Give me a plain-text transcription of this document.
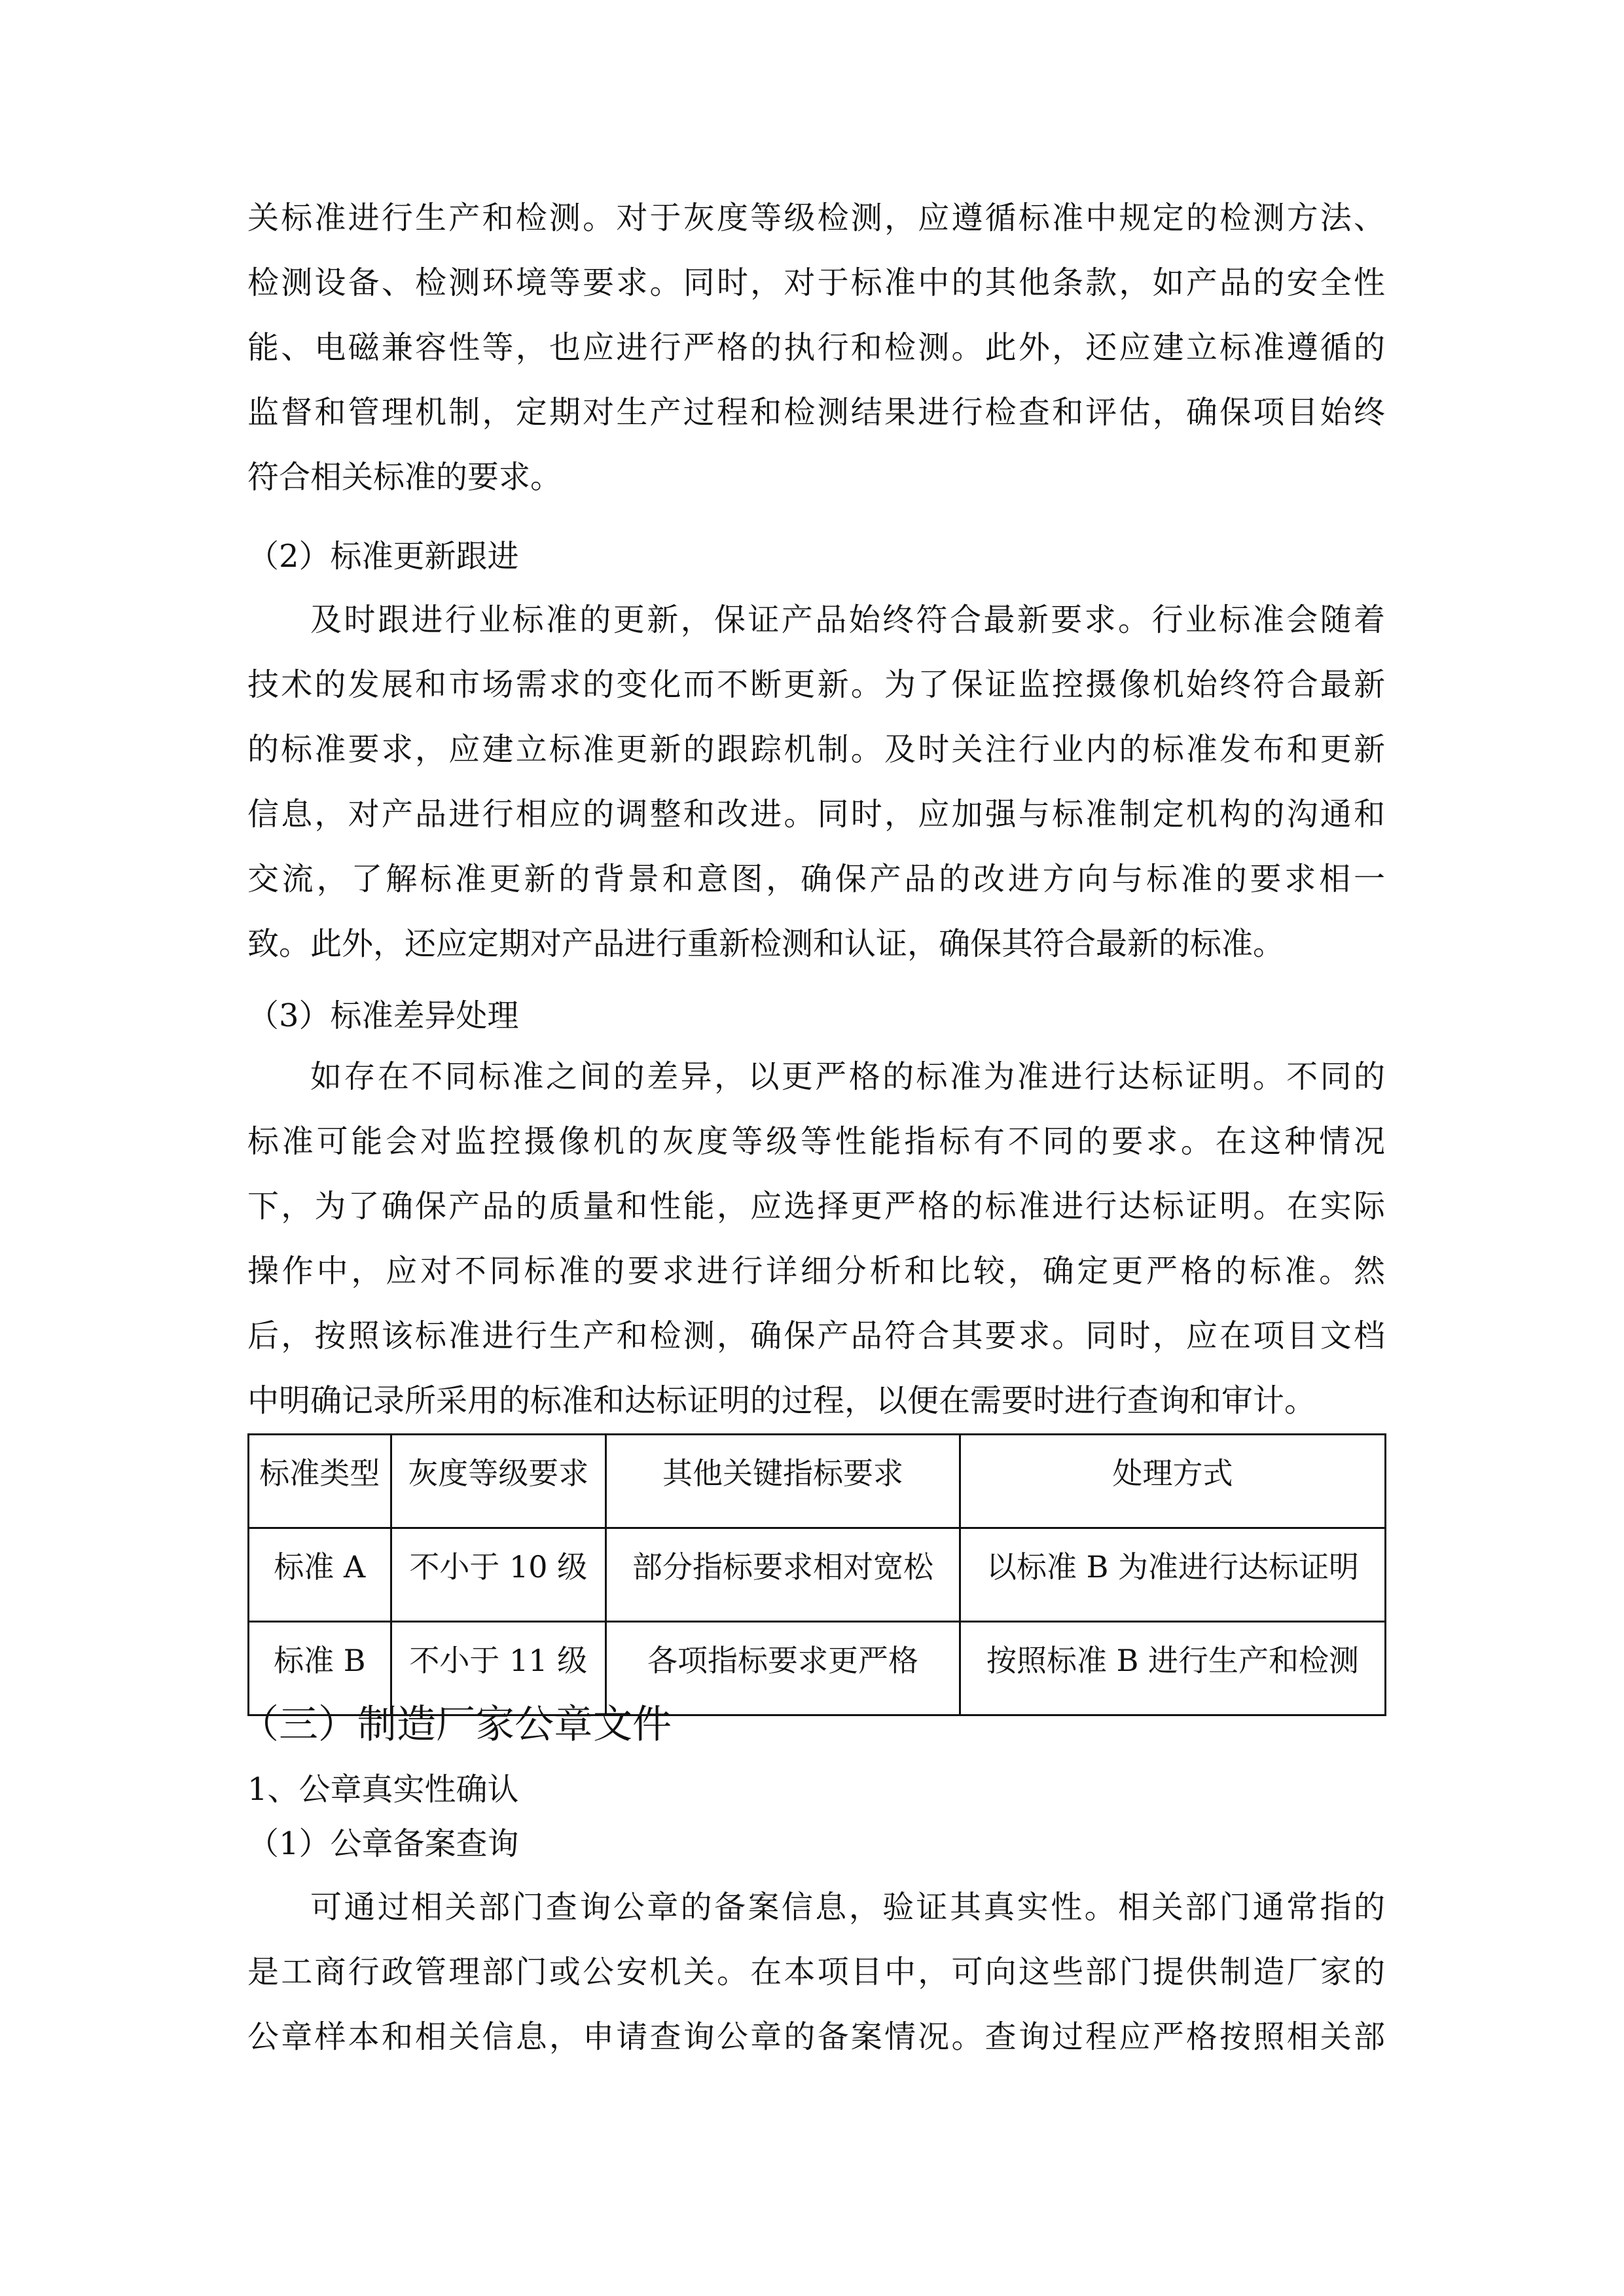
关标准进行生产和检测。对于灰度等级检测，应遵循标准中规定的检测方法、
检测设备、检测环境等要求。同时，对于标准中的其他条款，如产品的安全性
能、电磁兼容性等，也应进行严格的执行和检测。此外，还应建立标准遵循的
监督和管理机制，定期对生产过程和检测结果进行检查和评估，确保项目始终
符合相关标准的要求。
（2）标准更新跟进
及时跟进行业标准的更新，保证产品始终符合最新要求。行业标准会随着
技术的发展和市场需求的变化而不断更新。为了保证监控摄像机始终符合最新
的标准要求，应建立标准更新的跟踪机制。及时关注行业内的标准发布和更新
信息，对产品进行相应的调整和改进。同时，应加强与标准制定机构的沟通和
交流，了解标准更新的背景和意图，确保产品的改进方向与标准的要求相一
致。此外，还应定期对产品进行重新检测和认证，确保其符合最新的标准。
（3）标准差异处理
如存在不同标准之间的差异，以更严格的标准为准进行达标证明。不同的
标准可能会对监控摄像机的灰度等级等性能指标有不同的要求。在这种情况
下，为了确保产品的质量和性能，应选择更严格的标准进行达标证明。在实际
操作中，应对不同标准的要求进行详细分析和比较，确定更严格的标准。然
后，按照该标准进行生产和检测，确保产品符合其要求。同时，应在项目文档
中明确记录所采用的标准和达标证明的过程，以便在需要时进行查询和审计。
标准类型	灰度等级要求	其他关键指标要求	处理方式
标准 A	不小于 10 级	部分指标要求相对宽松	以标准 B 为准进行达标证明
标准 B	不小于 11 级	各项指标要求更严格	按照标准 B 进行生产和检测
（三）制造厂家公章文件
1、公章真实性确认
（1）公章备案查询
可通过相关部门查询公章的备案信息，验证其真实性。相关部门通常指的
是工商行政管理部门或公安机关。在本项目中，可向这些部门提供制造厂家的
公章样本和相关信息，申请查询公章的备案情况。查询过程应严格按照相关部
